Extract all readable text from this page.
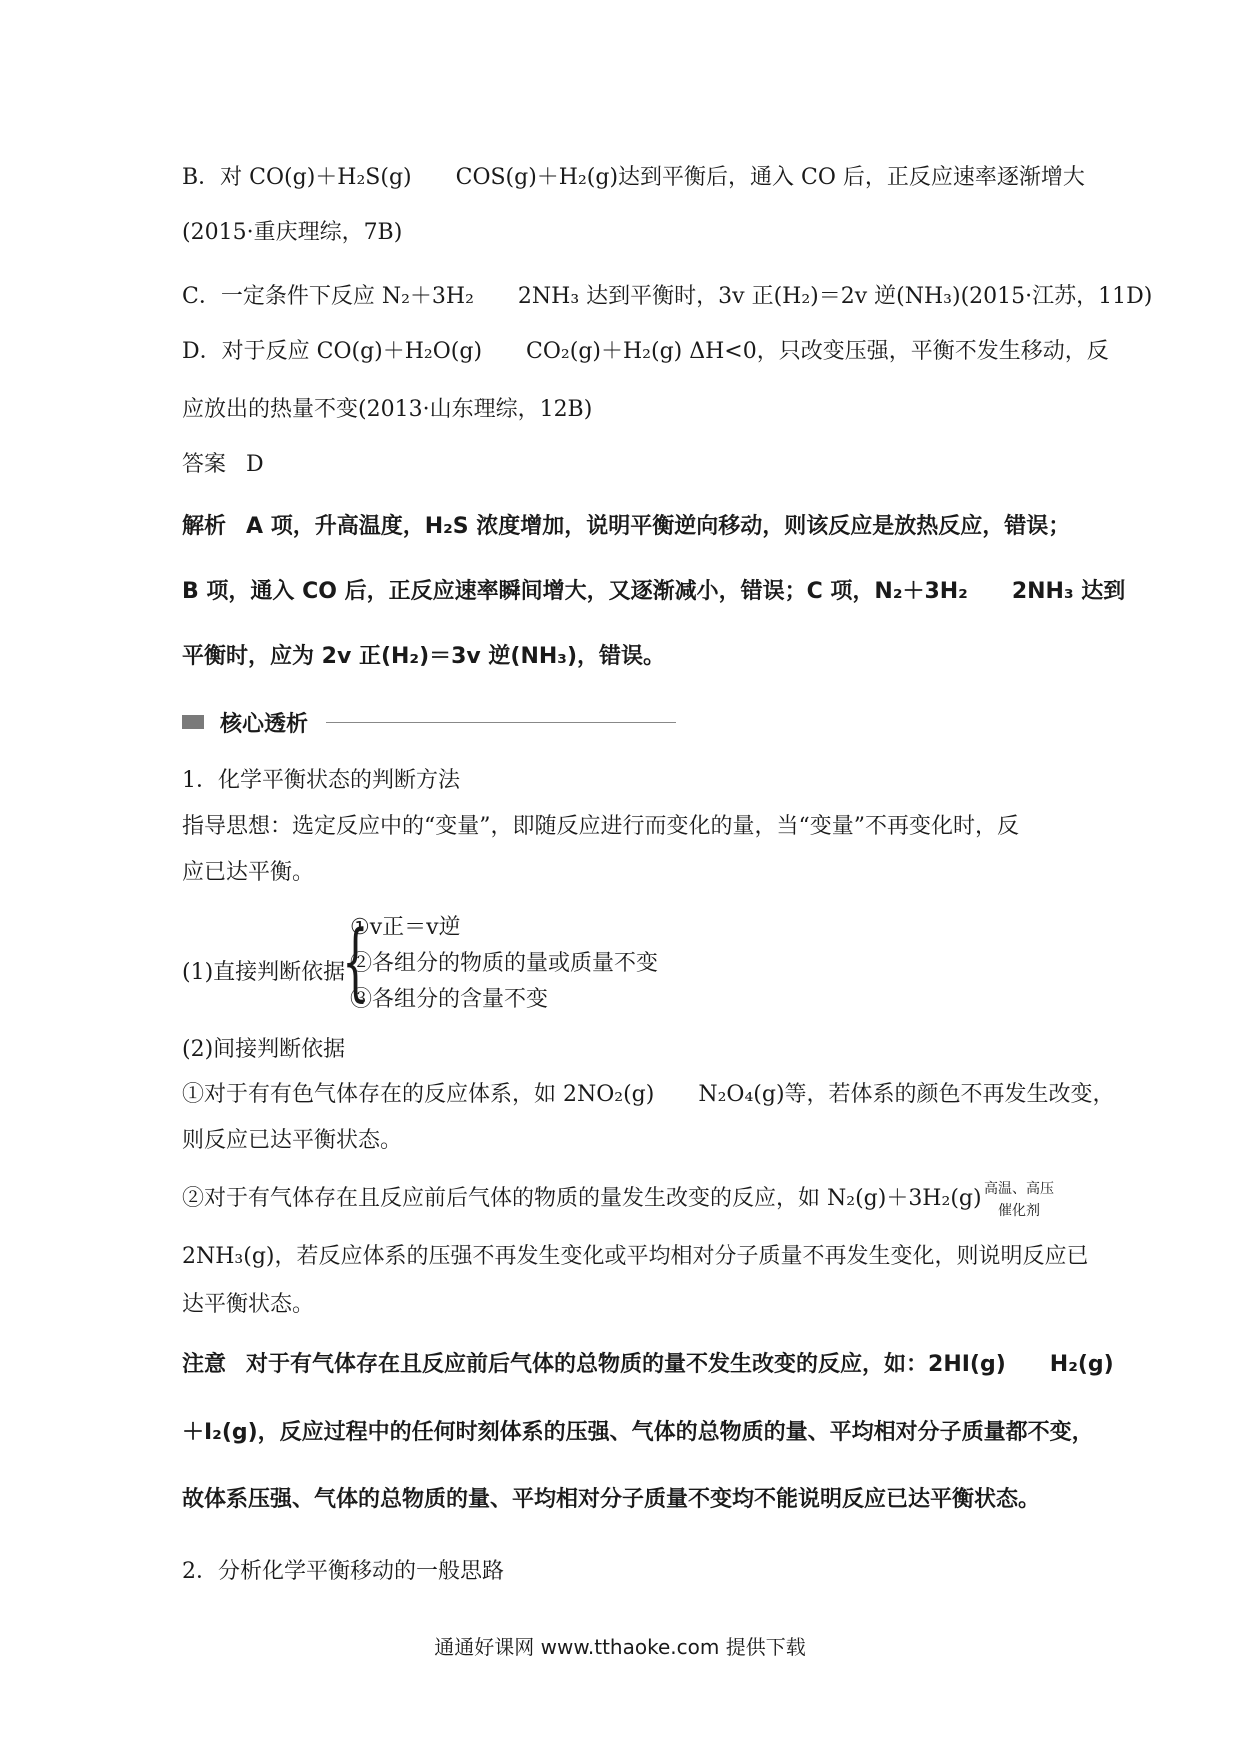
B．对 CO(g)＋H₂S(g) COS(g)＋H₂(g)达到平衡后，通入 CO 后，正反应速率逐渐增大
(2015·重庆理综，7B)
C．一定条件下反应 N₂＋3H₂ 2NH₃ 达到平衡时，3v 正(H₂)＝2v 逆(NH₃)(2015·江苏，11D)
D．对于反应 CO(g)＋H₂O(g) CO₂(g)＋H₂(g) ΔH<0，只改变压强，平衡不发生移动，反
应放出的热量不变(2013·山东理综，12B)
答案 D
解析 A 项，升高温度，H₂S 浓度增加，说明平衡逆向移动，则该反应是放热反应，错误；
B 项，通入 CO 后，正反应速率瞬间增大，又逐渐减小，错误；C 项，N₂＋3H₂ 2NH₃ 达到
平衡时，应为 2v 正(H₂)＝3v 逆(NH₃)，错误。
核心透析
1．化学平衡状态的判断方法
指导思想：选定反应中的“变量”，即随反应进行而变化的量，当“变量”不再变化时，反
应已达平衡。
(1)直接判断依据
{
①v正＝v逆
②各组分的物质的量或质量不变
③各组分的含量不变
(2)间接判断依据
①对于有有色气体存在的反应体系，如 2NO₂(g) N₂O₄(g)等，若体系的颜色不再发生改变，
则反应已达平衡状态。
②对于有气体存在且反应前后气体的物质的量发生改变的反应，如 N₂(g)＋3H₂(g) 高温、高压
催化剂
2NH₃(g)，若反应体系的压强不再发生变化或平均相对分子质量不再发生变化，则说明反应已
达平衡状态。
注意 对于有气体存在且反应前后气体的总物质的量不发生改变的反应，如：2HI(g) H₂(g)
＋I₂(g)，反应过程中的任何时刻体系的压强、气体的总物质的量、平均相对分子质量都不变，
故体系压强、气体的总物质的量、平均相对分子质量不变均不能说明反应已达平衡状态。
2．分析化学平衡移动的一般思路
通通好课网 www.tthaoke.com 提供下载
